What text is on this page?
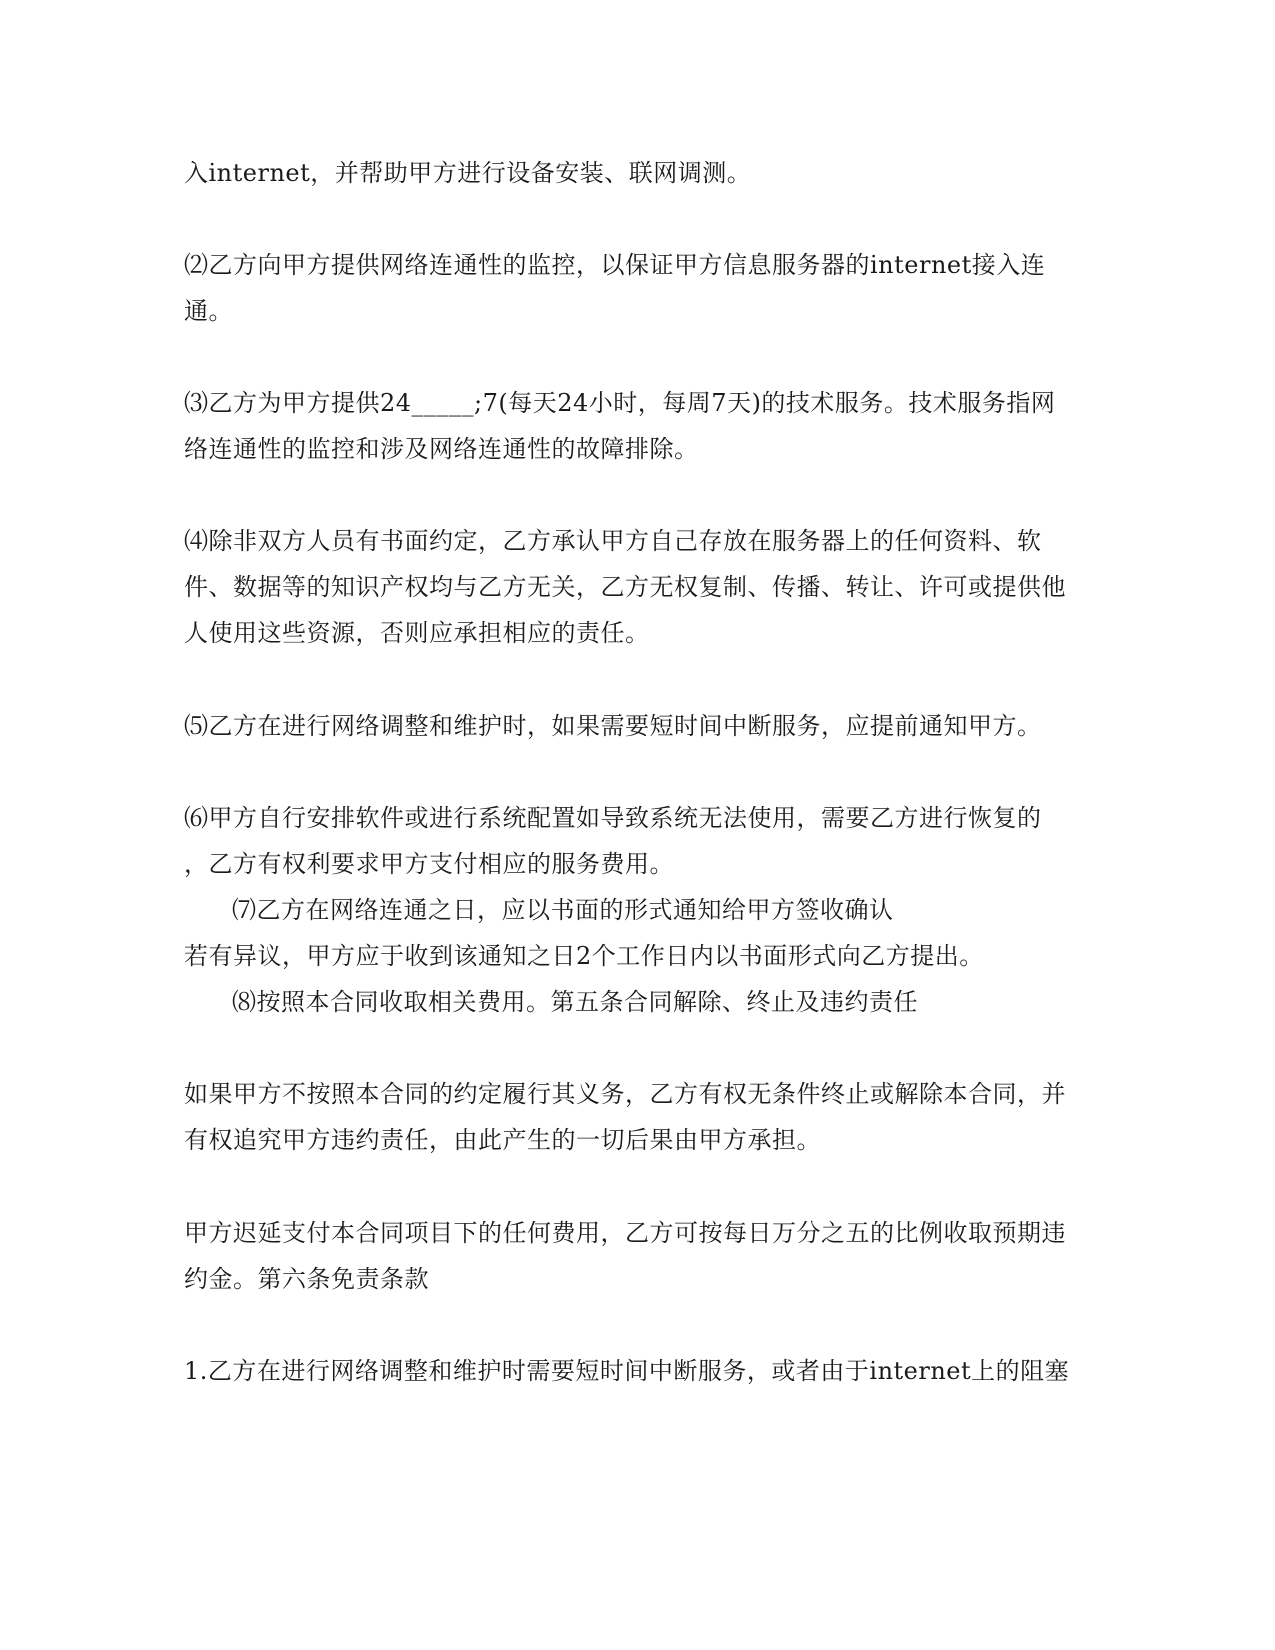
入internet，并帮助甲方进行设备安装、联网调测。
⑵乙方向甲方提供网络连通性的监控，以保证甲方信息服务器的internet接入连
通。
⑶乙方为甲方提供24_____;7(每天24小时，每周7天)的技术服务。技术服务指网
络连通性的监控和涉及网络连通性的故障排除。
⑷除非双方人员有书面约定，乙方承认甲方自己存放在服务器上的任何资料、软
件、数据等的知识产权均与乙方无关，乙方无权复制、传播、转让、许可或提供他
人使用这些资源，否则应承担相应的责任。
⑸乙方在进行网络调整和维护时，如果需要短时间中断服务，应提前通知甲方。
⑹甲方自行安排软件或进行系统配置如导致系统无法使用，需要乙方进行恢复的
，乙方有权利要求甲方支付相应的服务费用。
⑺乙方在网络连通之日，应以书面的形式通知给甲方签收确认
若有异议，甲方应于收到该通知之日2个工作日内以书面形式向乙方提出。
⑻按照本合同收取相关费用。第五条合同解除、终止及违约责任
如果甲方不按照本合同的约定履行其义务，乙方有权无条件终止或解除本合同，并
有权追究甲方违约责任，由此产生的一切后果由甲方承担。
甲方迟延支付本合同项目下的任何费用，乙方可按每日万分之五的比例收取预期违
约金。第六条免责条款
1.乙方在进行网络调整和维护时需要短时间中断服务，或者由于internet上的阻塞
